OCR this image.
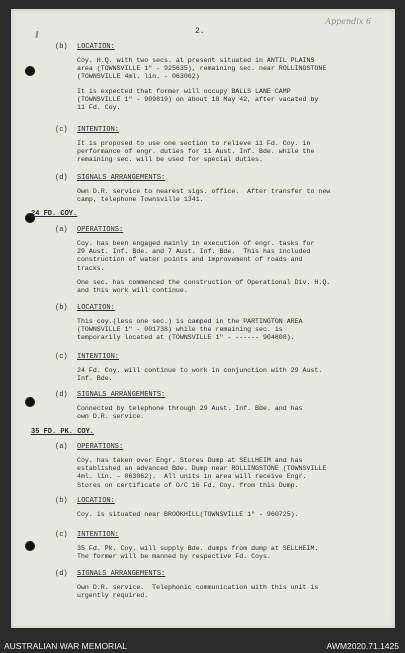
2.
Appendix 6
(b) LOCATION:
Coy. H.Q. with two secs. at present situated in ANTIL PLAINS
area (TOWNSVILLE 1" - 925635), remaining sec. near ROLLINGSTONE
(TOWNSVILLE 4ml. lin. - 063062)
It is expected that former will occupy BALLS LANE CAMP
(TOWNSVILLE 1" - 909819) on about 18 May 42, after vacated by
11 Fd. Coy.
(c) INTENTION:
It is proposed to use one section to relieve 11 Fd. Coy. in
performance of engr. duties for 11 Aust. Inf. Bde. while the
remaining sec. will be used for special duties.
(d) SIGNALS ARRANGEMENTS:
Own D.R. service to nearest sigs. office.  After transfer to new
camp, telephone Townsville 1341.
24 FD. COY.
(a) OPERATIONS:
Coy. has been engaged mainly in execution of engr. tasks for
29 Aust. Inf. Bde. and 7 Aust. Inf. Bde.  This has included
construction of water points and improvement of roads and
tracks.
One sec. has commenced the construction of Operational Div. H.Q.
and this work will continue.
(b) LOCATION:
This coy.(less one sec.) is camped in the PARTINGTON AREA
(TOWNSVILLE 1" - 001738) while the remaining sec. is
temporarily located at (TOWNSVILLE 1" - ------ 904808).
(c) INTENTION:
24 Fd. Coy. will continue to work in conjunction with 29 Aust.
Inf. Bde.
(d) SIGNALS ARRANGEMENTS:
Connected by telephone through 29 Aust. Inf. Bde. and has
own D.R. service.
35 FD. PK. COY.
(a) OPERATIONS:
Coy. has taken over Engr. Stores Dump at SELLHEIM and has
established an advanced Bde. Dump near ROLLINGSTONE (TOWNSVILLE
4ml. lin. - 063062).  All units in area will receive Engr.
Stores on certificate of O/C 16 Fd. Coy. from this Dump.
(b) LOCATION:
Coy. is situated near BROOKHILL(TOWNSVILLE 1" - 960725).
(c) INTENTION:
35 Fd. Pk. Coy. will supply Bde. dumps from dump at SELLHEIM.
The former will be manned by respective Fd. Coys.
(d) SIGNALS ARRANGEMENTS:
Own D.R. service.  Telephonic communication with this unit is
urgently required.
AUSTRALIAN WAR MEMORIAL	AWM2020.71.1425
